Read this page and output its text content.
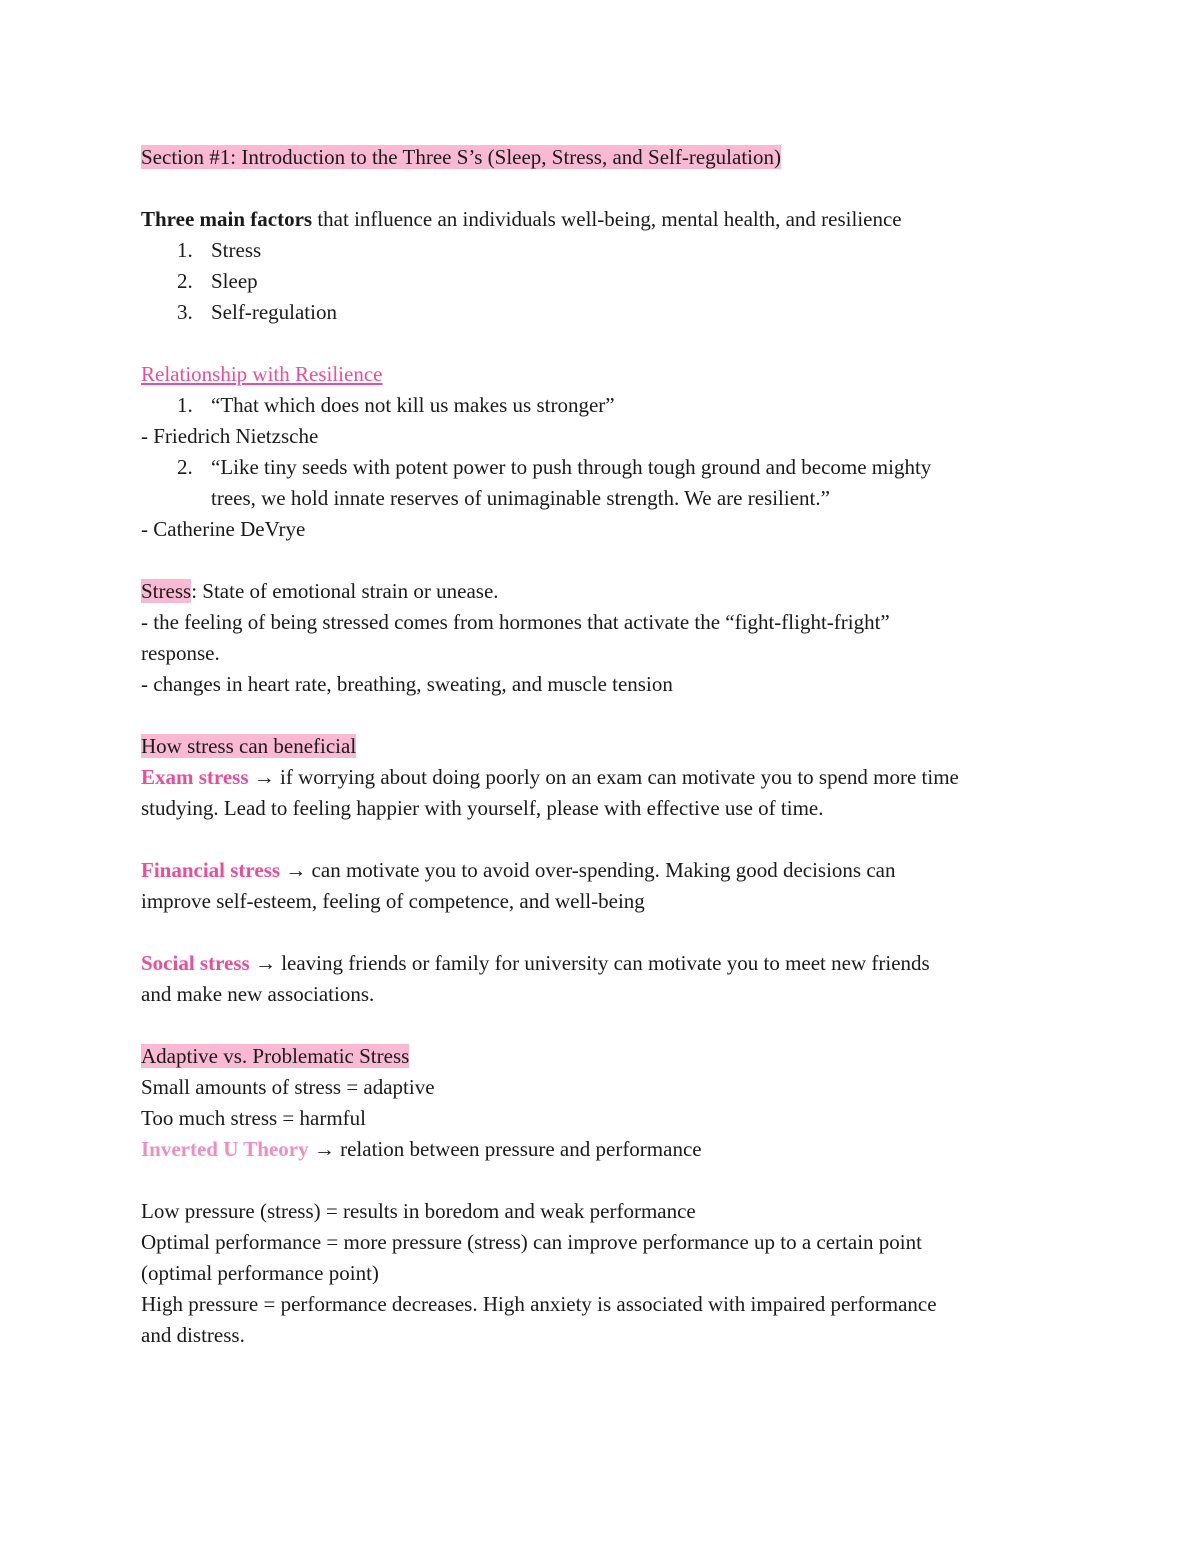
Section #1: Introduction to the Three S’s (Sleep, Stress, and Self-regulation)
Three main factors that influence an individuals well-being, mental health, and resilience
1. Stress
2. Sleep
3. Self-regulation
Relationship with Resilience
1. “That which does not kill us makes us stronger”
- Friedrich Nietzsche
2. “Like tiny seeds with potent power to push through tough ground and become mighty
trees, we hold innate reserves of unimaginable strength. We are resilient.”
- Catherine DeVrye
Stress: State of emotional strain or unease.
- the feeling of being stressed comes from hormones that activate the “fight-flight-fright”
response.
- changes in heart rate, breathing, sweating, and muscle tension
How stress can beneficial
Exam stress → if worrying about doing poorly on an exam can motivate you to spend more time
studying. Lead to feeling happier with yourself, please with effective use of time.
Financial stress → can motivate you to avoid over-spending. Making good decisions can
improve self-esteem, feeling of competence, and well-being
Social stress → leaving friends or family for university can motivate you to meet new friends
and make new associations.
Adaptive vs. Problematic Stress
Small amounts of stress = adaptive
Too much stress = harmful
Inverted U Theory → relation between pressure and performance
Low pressure (stress) = results in boredom and weak performance
Optimal performance = more pressure (stress) can improve performance up to a certain point
(optimal performance point)
High pressure = performance decreases. High anxiety is associated with impaired performance
and distress.
